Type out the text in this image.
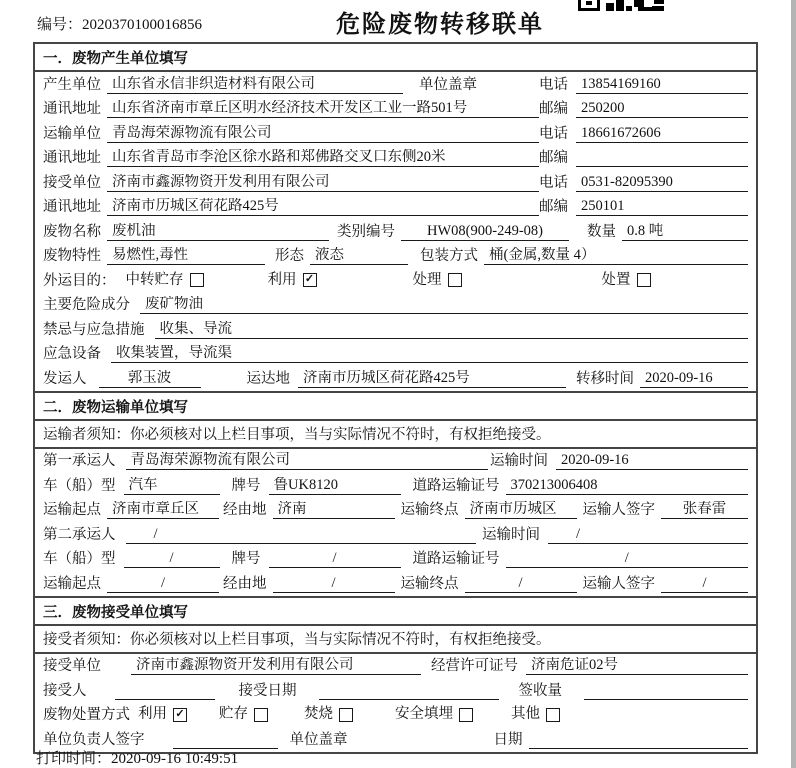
编号：2020370100016856	危险废物转移联单
一．废物产生单位填写
产生单位 山东省永信非织造材料有限公司	单位盖章	电话 13854169160
通讯地址 山东省济南市章丘区明水经济技术开发区工业一路501号	邮编 250200
运输单位 青岛海荣源物流有限公司	电话 18661672606
通讯地址 山东省青岛市李沧区徐水路和郑佛路交叉口东侧20米	邮编
接受单位 济南市鑫源物资开发利用有限公司	电话 0531-82095390
通讯地址 济南市历城区荷花路425号	邮编 250101
废物名称 废机油	类别编号	HW08(900-249-08)	数量 0.8 吨
废物特性 易燃性,毒性	形态 液态	包装方式 桶(金属,数量 4）
外运目的： 中转贮存	利用 ✓	处理	处置
主要危险成分	废矿物油
禁忌与应急措施	收集、导流
应急设备	收集装置，导流渠
发运人	郭玉波	运达地 济南市历城区荷花路425号	转移时间 2020-09-16
二．废物运输单位填写
运输者须知： 你必须核对以上栏目事项，当与实际情况不符时，有权拒绝接受。
第一承运人	青岛海荣源物流有限公司	运输时间 2020-09-16
车（船）型 汽车	牌号 鲁UK8120	道路运输证号 370213006408
运输起点 济南市章丘区	经由地 济南	运输终点 济南市历城区	运输人签字	张春雷
第二承运人	/	运输时间	/
车（船）型	/	牌号	/	道路运输证号	/
运输起点	/	经由地	/	运输终点	/	运输人签字	/
三．废物接受单位填写
接受者须知： 你必须核对以上栏目事项，当与实际情况不符时，有权拒绝接受。
接受单位	济南市鑫源物资开发利用有限公司	经营许可证号 济南危证02号
接受人	接受日期	签收量
废物处置方式 利用 ✓ 贮存	焚烧	安全填埋	其他
单位负责人签字	单位盖章	日期
打印时间：2020-09-16 10:49:51
